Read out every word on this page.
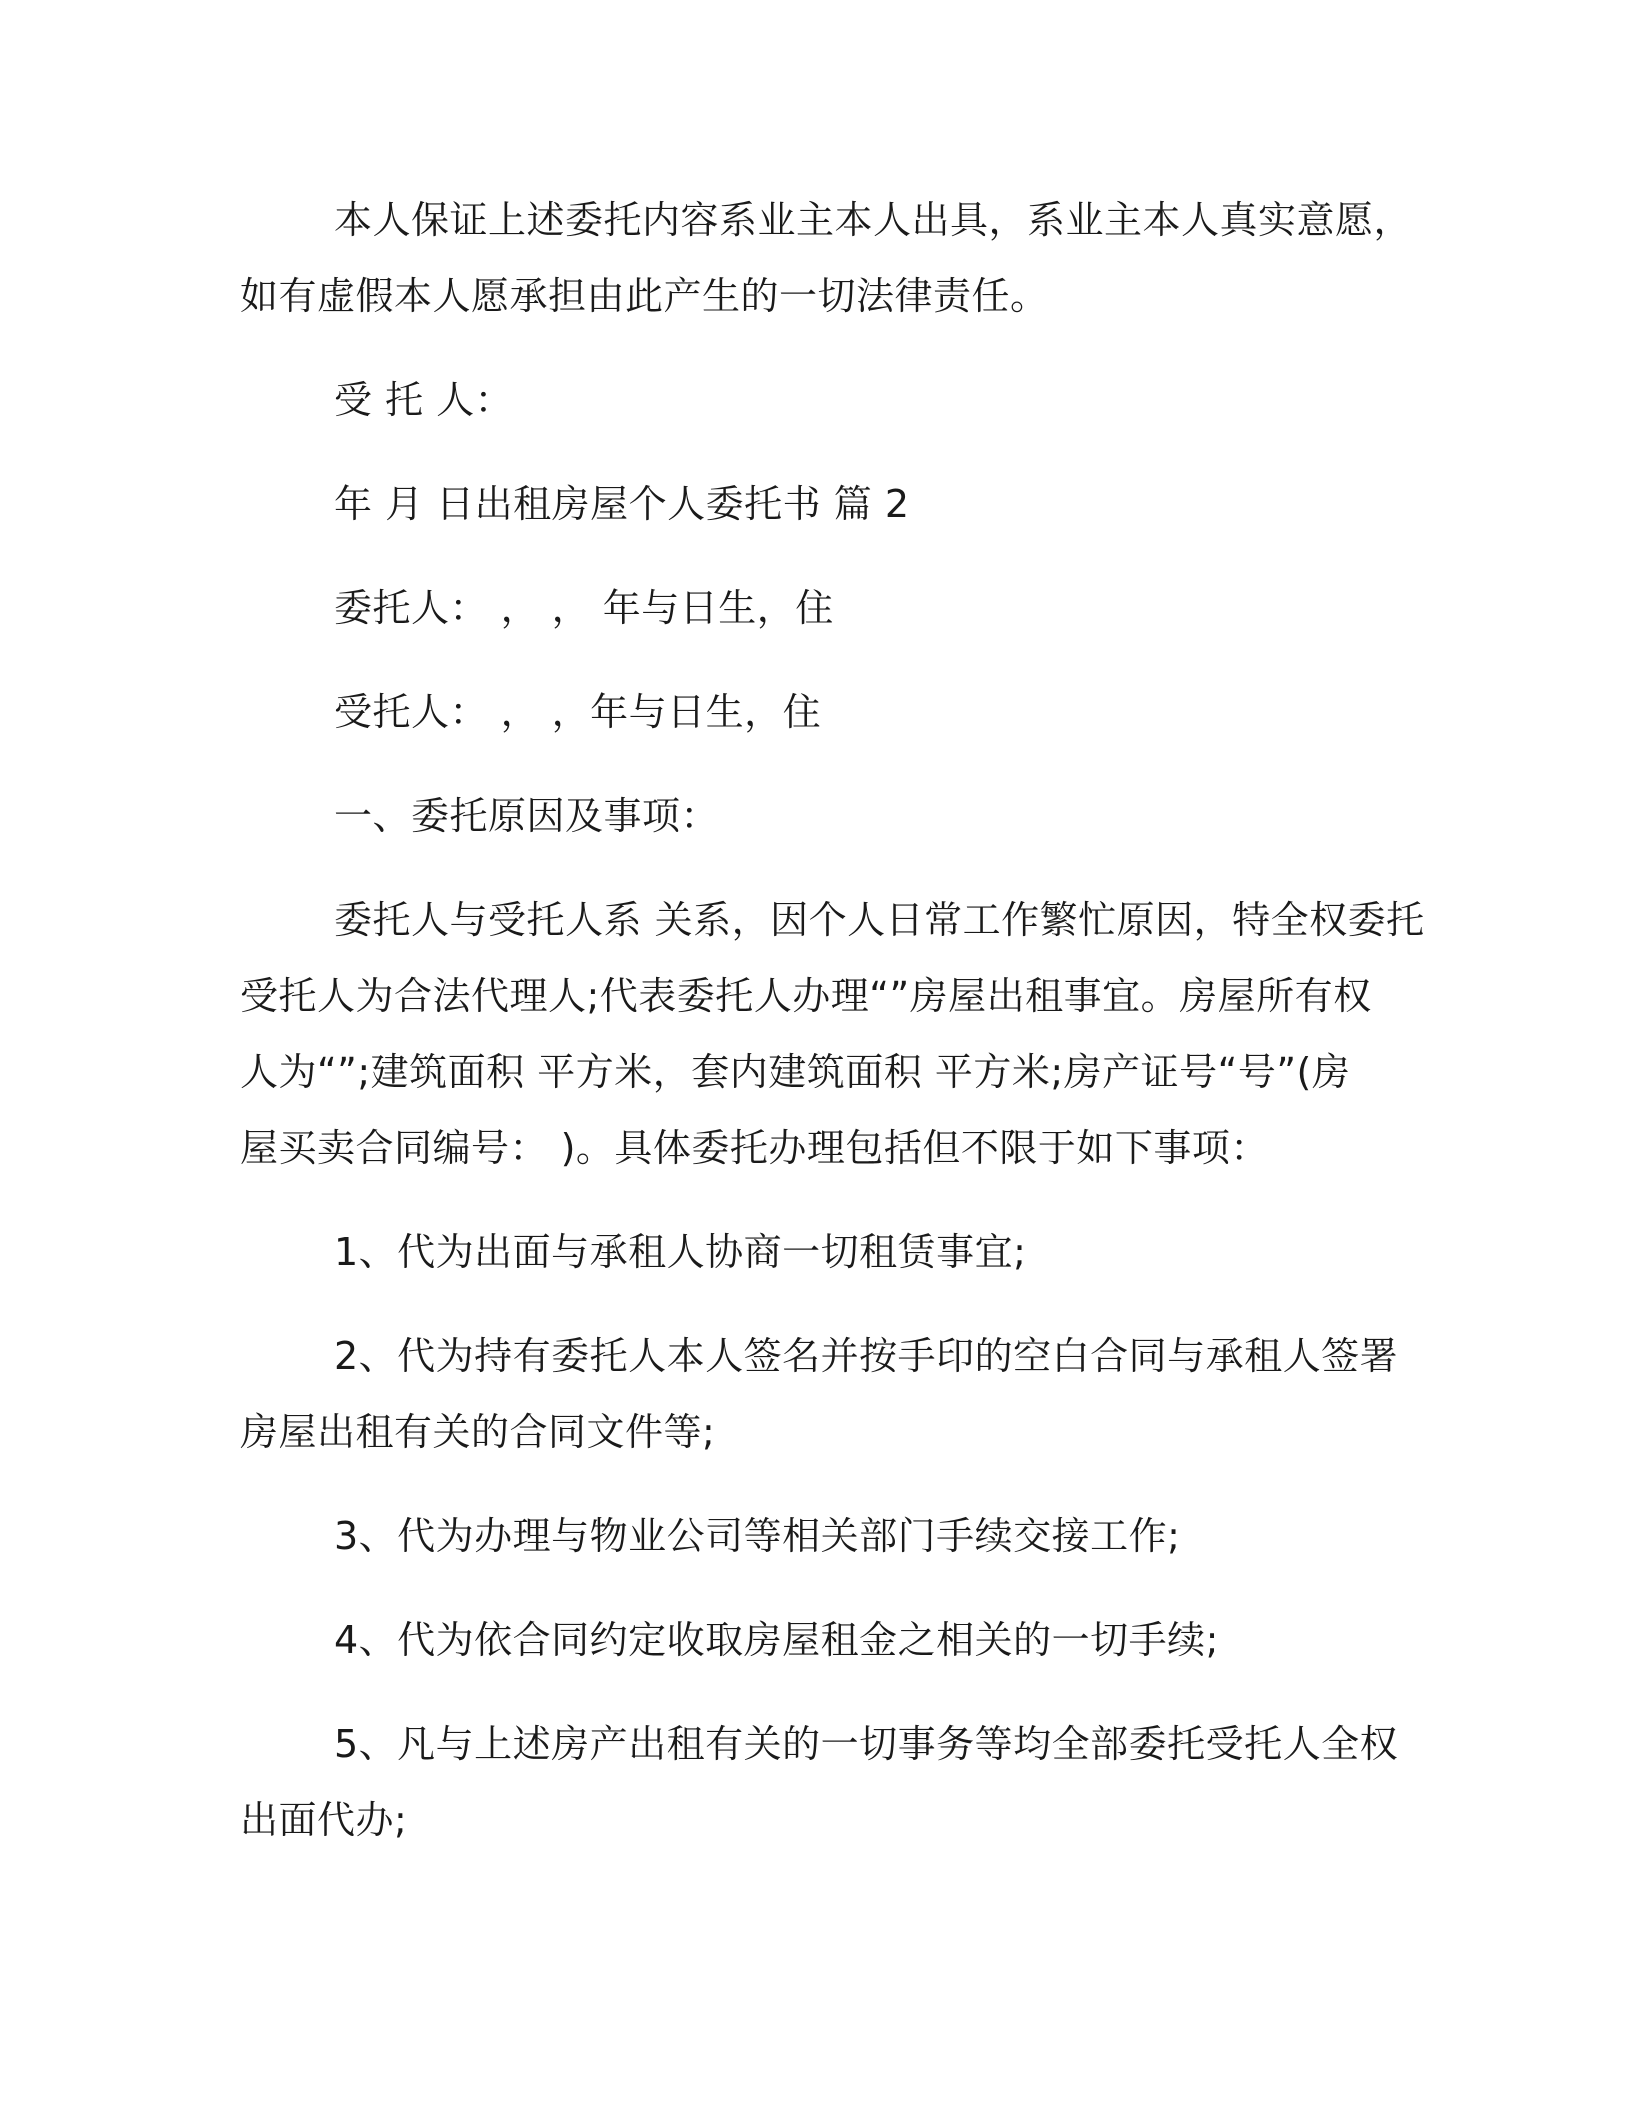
本人保证上述委托内容系业主本人出具，系业主本人真实意愿，
如有虚假本人愿承担由此产生的一切法律责任。

受 托 人：

年 月 日出租房屋个人委托书 篇 2

委托人： ， ， 年与日生，住

受托人： ， ，年与日生，住

一、委托原因及事项：

委托人与受托人系 关系，因个人日常工作繁忙原因，特全权委托
受托人为合法代理人;代表委托人办理“”房屋出租事宜。房屋所有权
人为“”;建筑面积 平方米，套内建筑面积 平方米;房产证号“号”(房
屋买卖合同编号： )。具体委托办理包括但不限于如下事项：

1、代为出面与承租人协商一切租赁事宜;

2、代为持有委托人本人签名并按手印的空白合同与承租人签署
房屋出租有关的合同文件等;

3、代为办理与物业公司等相关部门手续交接工作;

4、代为依合同约定收取房屋租金之相关的一切手续;

5、凡与上述房产出租有关的一切事务等均全部委托受托人全权
出面代办;
